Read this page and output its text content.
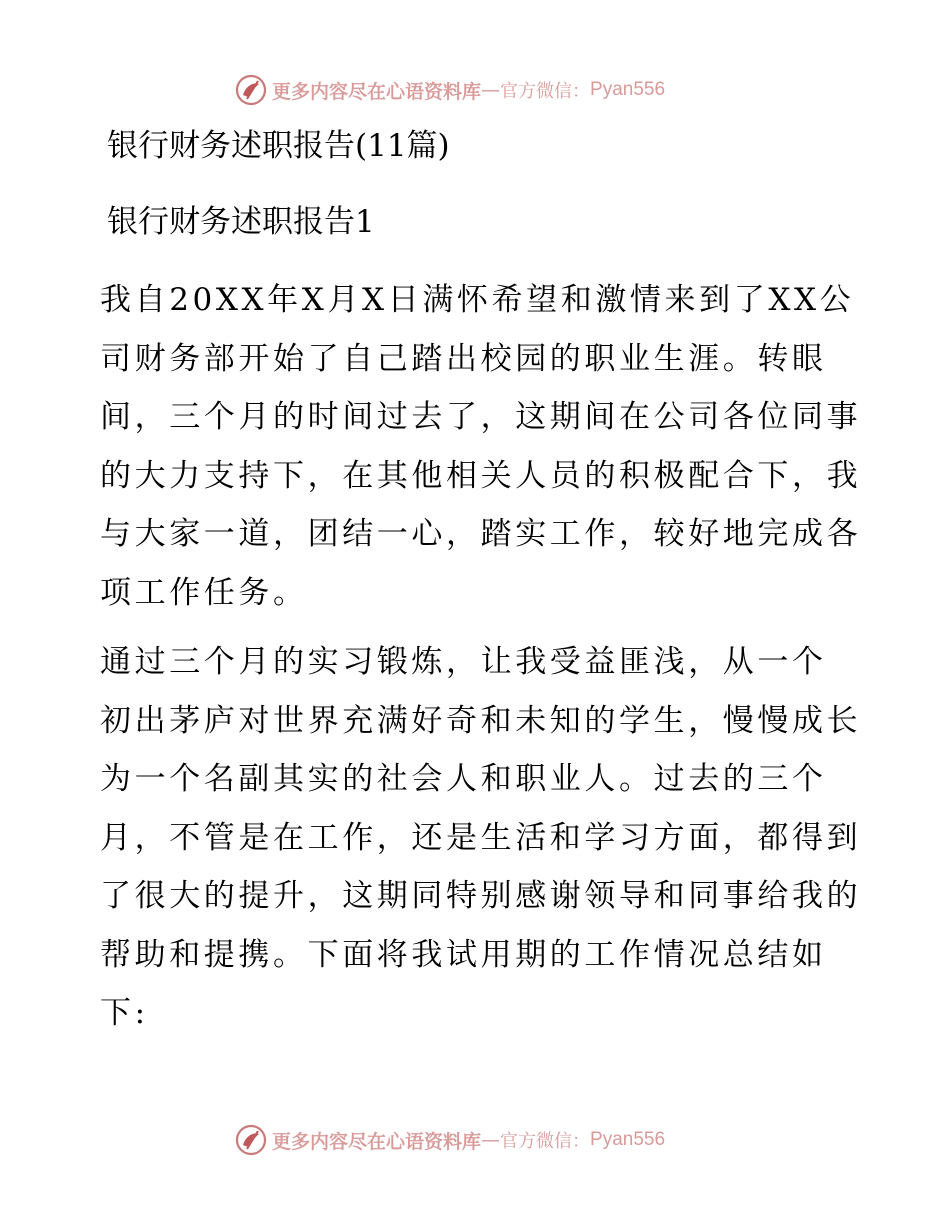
更多内容尽在心语资料库 — 官方微信： Pyan556
银行财务述职报告(11篇)
银行财务述职报告1
我自20XX年X月X日满怀希望和激情来到了XX公
司财务部开始了自己踏出校园的职业生涯。转眼
间，三个月的时间过去了，这期间在公司各位同事
的大力支持下，在其他相关人员的积极配合下，我
与大家一道，团结一心，踏实工作，较好地完成各
项工作任务。
通过三个月的实习锻炼，让我受益匪浅，从一个
初出茅庐对世界充满好奇和未知的学生，慢慢成长
为一个名副其实的社会人和职业人。过去的三个
月，不管是在工作，还是生活和学习方面，都得到
了很大的提升，这期同特别感谢领导和同事给我的
帮助和提携。下面将我试用期的工作情况总结如
下:
更多内容尽在心语资料库 — 官方微信： Pyan556
